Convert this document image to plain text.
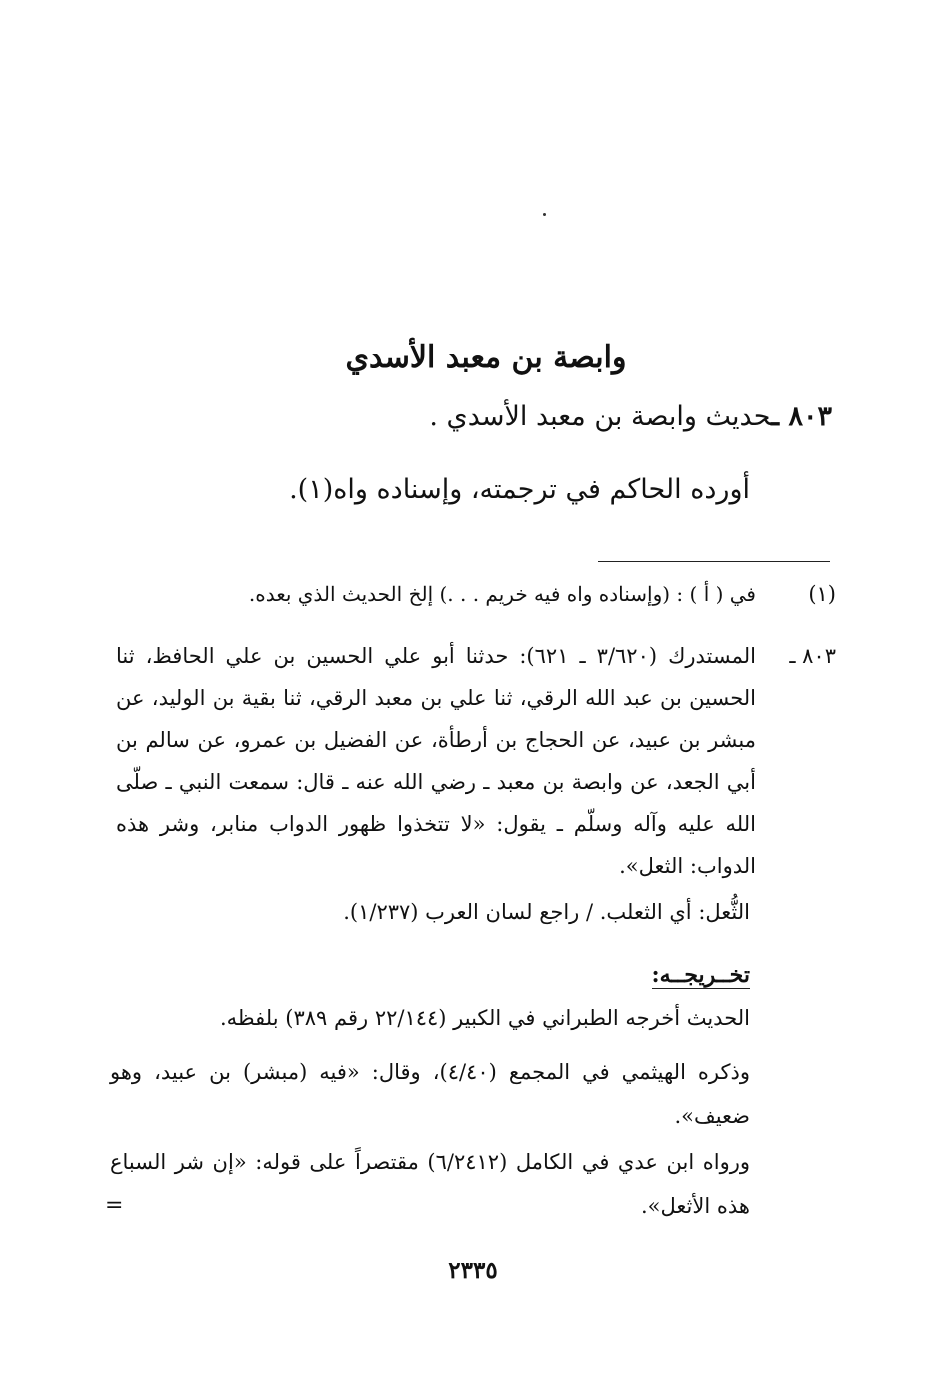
وابصة بن معبد الأسدي
٨٠٣ ـحديث وابصة بن معبد الأسدي .
أورده الحاكم في ترجمته، وإسناده واه(١).
(١)
في ( أ ) : (وإسناده واه فيه خريم . . .) إلخ الحديث الذي بعده.
٨٠٣ ـ
المستدرك (٣/٦٢٠ ـ ٦٢١): حدثنا أبو علي الحسين بن علي الحافظ، ثنا الحسين بن عبد الله الرقي، ثنا علي بن معبد الرقي، ثنا بقية بن الوليد، عن مبشر بن عبيد، عن الحجاج بن أرطأة، عن الفضيل بن عمرو، عن سالم بن أبي الجعد، عن وابصة بن معبد ـ رضي الله عنه ـ قال: سمعت النبي ـ صلّى الله عليه وآله وسلّم ـ يقول: «لا تتخذوا ظهور الدواب منابر، وشر هذه الدواب: الثعل».
الثُّعل: أي الثعلب. / راجع لسان العرب (١/٢٣٧).
تخــريجــه:
الحديث أخرجه الطبراني في الكبير (٢٢/١٤٤ رقم ٣٨٩) بلفظه.
وذكره الهيثمي في المجمع (٤/٤٠)، وقال: «فيه (مبشر) بن عبيد، وهو ضعيف».
ورواه ابن عدي في الكامل (٦/٢٤١٢) مقتصراً على قوله: «إن شر السباع هذه الأثعل».
=
٢٣٣٥
